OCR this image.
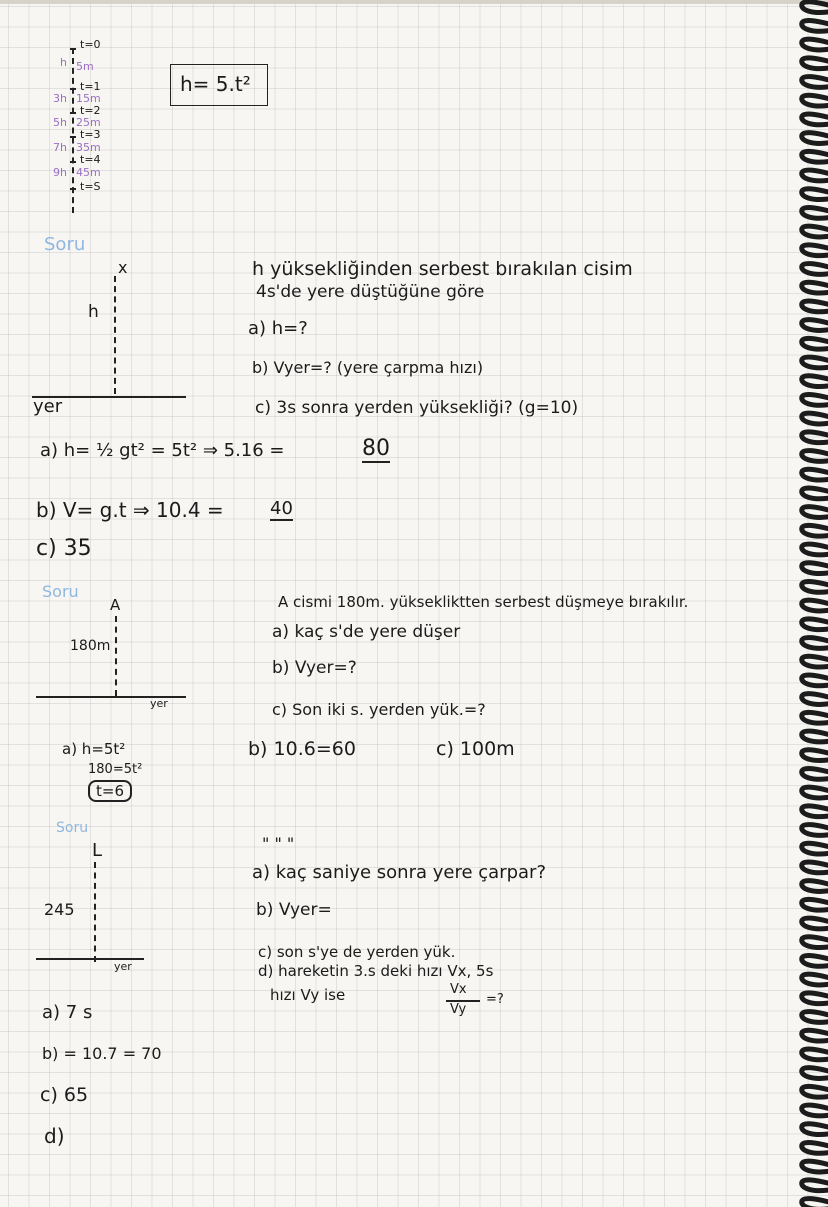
t=0
t=1
t=2
t=3
t=4
t=S
h 5m
3h 15m
5h 25m
7h 35m
9h 45m
h= 5.t²
Soru
x
h
yer
h yüksekliğinden serbest bırakılan cisim
4s'de yere düştüğüne göre
a) h=?
b) Vyer=? (yere çarpma hızı)
c) 3s sonra yerden yüksekliği? (g=10)
a) h= ½ gt² = 5t² ⇒ 5.16 =	80
b) V= g.t ⇒ 10.4 =	40
c) 35
Soru
A
180m
yer
A cismi 180m. yüksekliktten serbest düşmeye bırakılır.
a) kaç s'de yere düşer
b) Vyer=?
c) Son iki s. yerden yük.=?
a) h=5t²
180=5t²
t=6
b) 10.6=60	c) 100m
Soru
" " "
ᒪ
245
yer
a) kaç saniye sonra yere çarpar?
b) Vyer=
c) son s'ye de yerden yük.
d) hareketin 3.s deki hızı Vx, 5s
hızı Vy ise	Vx
Vy
=?
a) 7 s
b) = 10.7 = 70
c) 65
d)
